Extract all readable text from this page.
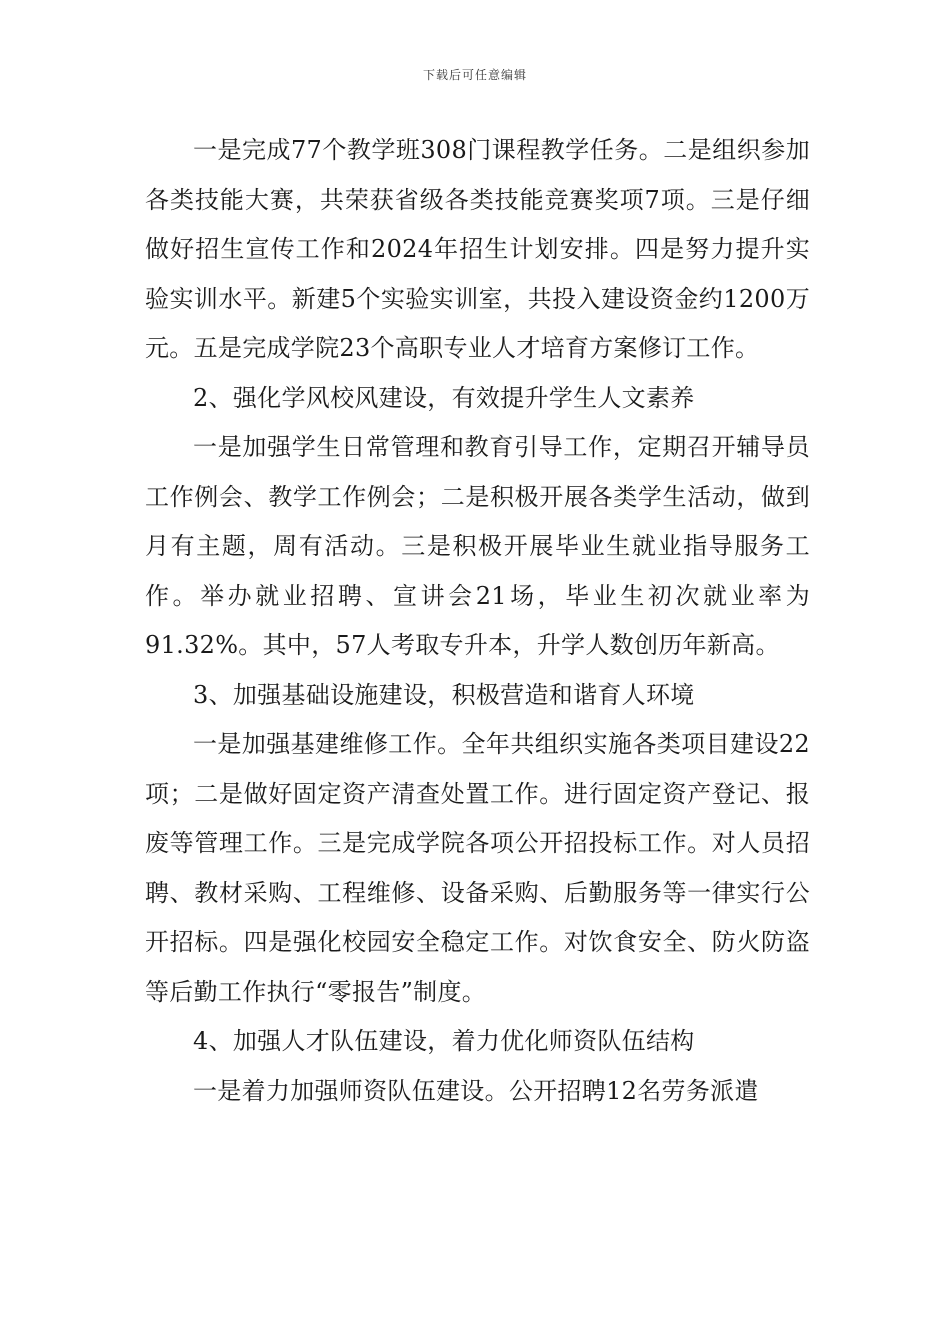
下载后可任意编辑

一是完成77个教学班308门课程教学任务。二是组织参加各类技能大赛，共荣获省级各类技能竞赛奖项7项。三是仔细做好招生宣传工作和2024年招生计划安排。四是努力提升实验实训水平。新建5个实验实训室，共投入建设资金约1200万元。五是完成学院23个高职专业人才培育方案修订工作。

2、强化学风校风建设，有效提升学生人文素养

一是加强学生日常管理和教育引导工作，定期召开辅导员工作例会、教学工作例会；二是积极开展各类学生活动，做到月有主题，周有活动。三是积极开展毕业生就业指导服务工作。举办就业招聘、宣讲会21场，毕业生初次就业率为91.32%。其中，57人考取专升本，升学人数创历年新高。

3、加强基础设施建设，积极营造和谐育人环境

一是加强基建维修工作。全年共组织实施各类项目建设22项；二是做好固定资产清查处置工作。进行固定资产登记、报废等管理工作。三是完成学院各项公开招投标工作。对人员招聘、教材采购、工程维修、设备采购、后勤服务等一律实行公开招标。四是强化校园安全稳定工作。对饮食安全、防火防盗等后勤工作执行“零报告”制度。

4、加强人才队伍建设，着力优化师资队伍结构

一是着力加强师资队伍建设。公开招聘12名劳务派遣
